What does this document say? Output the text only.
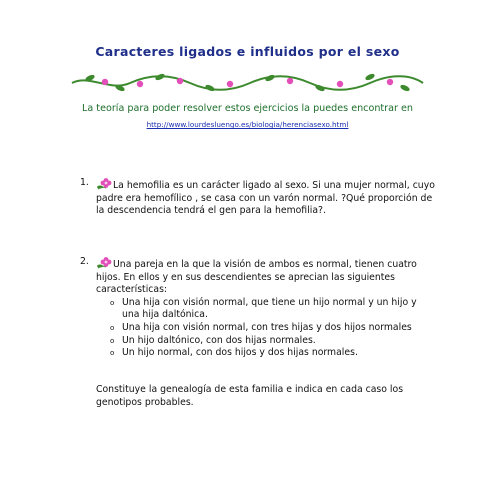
Caracteres ligados e influidos por el sexo
La teoría para poder resolver estos ejercicios la puedes encontrar en
http://www.lourdesluengo.es/biologia/herenciasexo.html
1.	La hemofilia es un carácter ligado al sexo. Si una mujer normal, cuyo padre era hemofílico , se casa con un varón normal. ?Qué proporción de la descendencia tendrá el gen para la hemofilia?.
2.	Una pareja en la que la visión de ambos es normal, tienen cuatro hijos. En ellos y en sus descendientes se aprecian las siguientes características:
o Una hija con visión normal, que tiene un hijo normal y un hijo y una hija daltónica.
o Una hija con visión normal, con tres hijas y dos hijos normales
o Un hijo daltónico, con dos hijas normales.
o Un hijo normal, con dos hijos y dos hijas normales.
Constituye la genealogía de esta familia e indica en cada caso los genotipos probables.
